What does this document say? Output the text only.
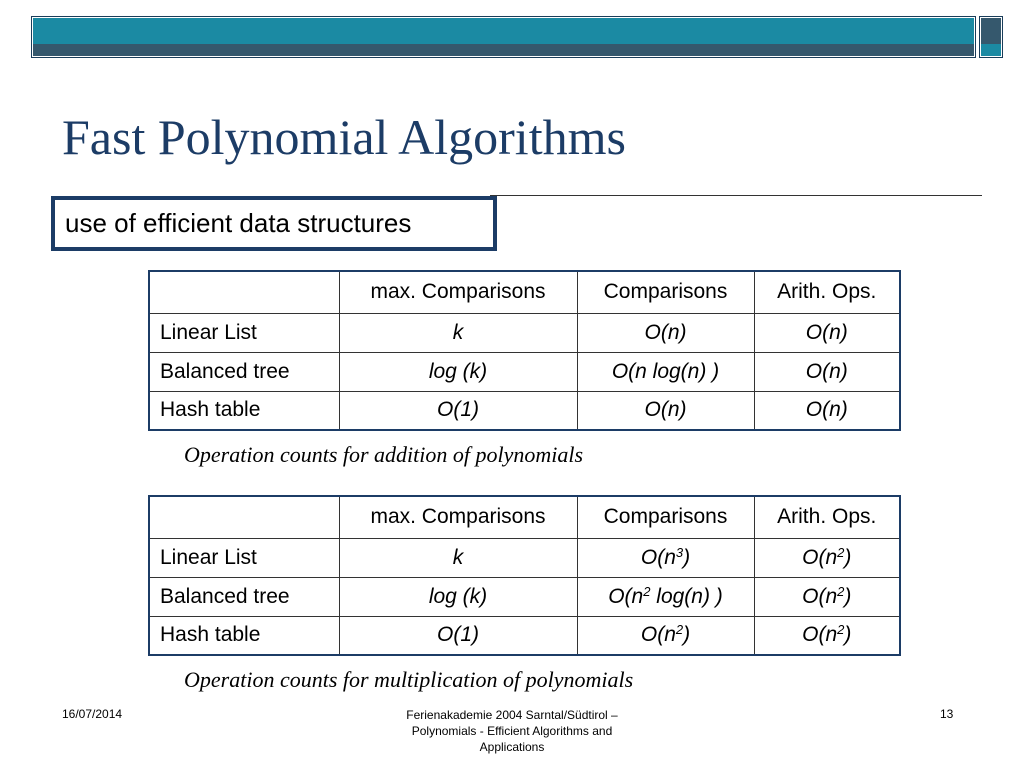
Fast Polynomial Algorithms
use of efficient data structures
	max. Comparisons	Comparisons	Arith. Ops.
Linear List	k	O(n)	O(n)
Balanced tree	log (k)	O(n log(n) )	O(n)
Hash table	O(1)	O(n)	O(n)
Operation counts for addition of polynomials
	max. Comparisons	Comparisons	Arith. Ops.
Linear List	k	$O(n^3)$	$O(n^2)$
Balanced tree	log (k)	$O(n^2$ log(n) )	$O(n^2)$
Hash table	O(1)	$O(n^2)$	$O(n^2)$
Operation counts for multiplication of polynomials
16/07/2014	Ferienakademie 2004 Sarntal/Südtirol –
Polynomials - Efficient Algorithms and
Applications
13
